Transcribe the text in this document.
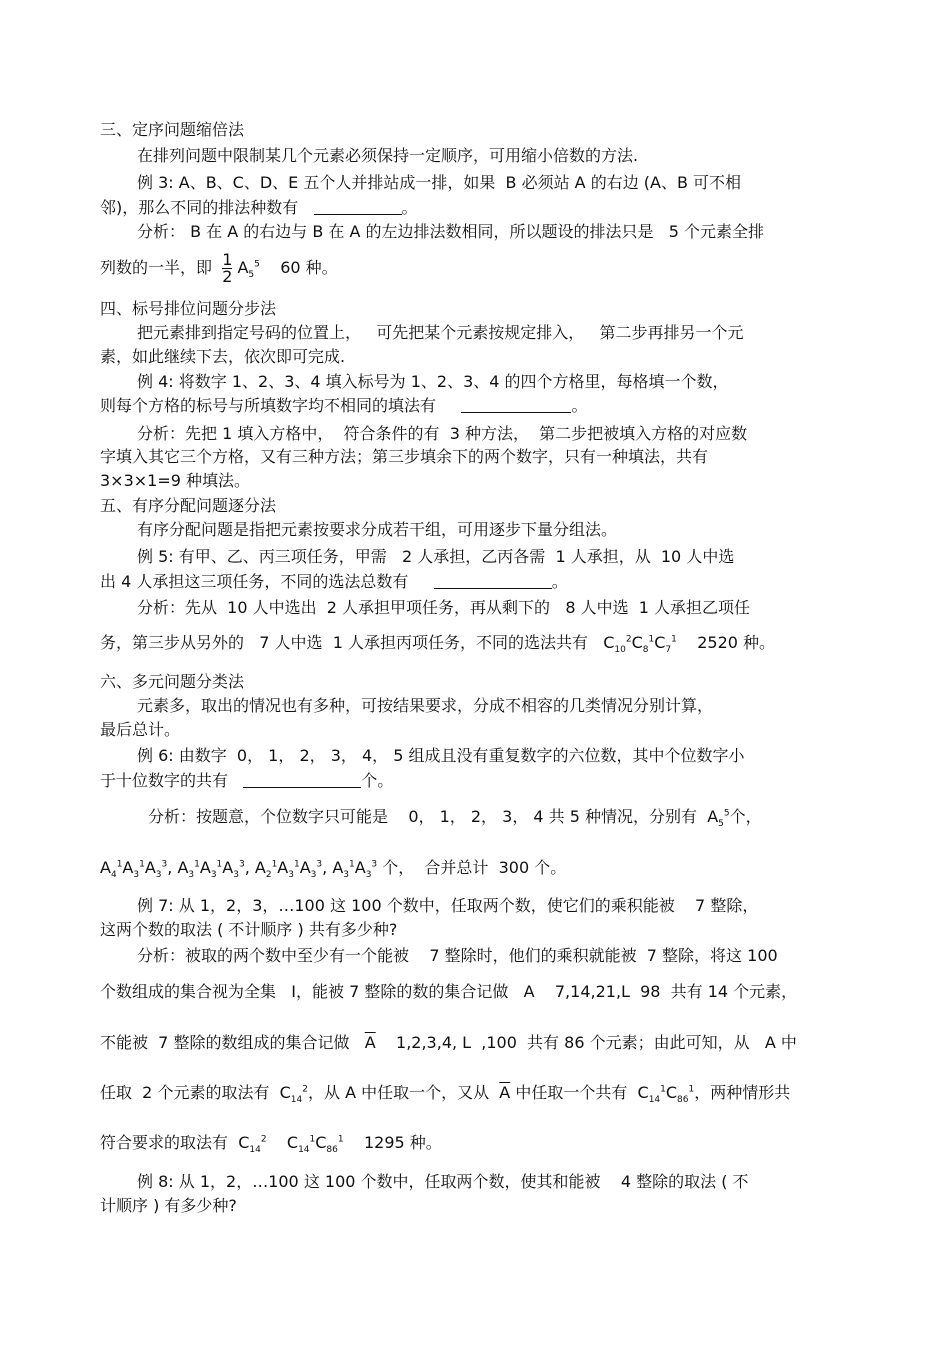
三、定序问题缩倍法
在排列问题中限制某几个元素必须保持一定顺序，可用缩小倍数的方法.
例 3: A、B、C、D、E 五个人并排站成一排，如果  B 必须站 A 的右边 (A、B 可不相
邻)，那么不同的排法种数有	。
分析： B 在 A 的右边与 B 在 A 的左边排法数相同，所以题设的排法只是   5 个元素全排
列数的一半，即 $\frac{1}{2} A_5^5$ 60 种。
四、标号排位问题分步法
把元素排到指定号码的位置上，   可先把某个元素按规定排入，   第二步再排另一个元
素，如此继续下去，依次即可完成.
例 4: 将数字 1、2、3、4 填入标号为 1、2、3、4 的四个方格里，每格填一个数，
则每个方格的标号与所填数字均不相同的填法有	。
分析：先把 1 填入方格中，  符合条件的有  3 种方法，  第二步把被填入方格的对应数
字填入其它三个方格，又有三种方法；第三步填余下的两个数字，只有一种填法，共有
3×3×1=9 种填法。
五、有序分配问题逐分法
有序分配问题是指把元素按要求分成若干组，可用逐步下量分组法。
例 5: 有甲、乙、丙三项任务，甲需   2 人承担，乙丙各需  1 人承担，从  10 人中选
出 4 人承担这三项任务，不同的选法总数有	。
分析：先从  10 人中选出  2 人承担甲项任务，再从剩下的   8 人中选  1 人承担乙项任
务，第三步从另外的   7 人中选  1 人承担丙项任务，不同的选法共有   $C_{10}^2C_8^1C_7^1$ 2520 种。
六、多元问题分类法
元素多，取出的情况也有多种，可按结果要求，分成不相容的几类情况分别计算，
最后总计。
例 6: 由数字  0， 1， 2， 3， 4， 5 组成且没有重复数字的六位数，其中个位数字小
于十位数字的共有	个。
分析：按题意，个位数字只可能是    0， 1， 2， 3， 4 共 5 种情况，分别有  $A_5^5$个，
$A_4^1A_3^1A_3^3$, $A_3^1A_3^1A_3^3$, $A_2^1A_3^1A_3^3$, $A_3^1A_3^3$ 个，  合并总计  300 个。
例 7: 从 1，2，3，…100 这 100 个数中，任取两个数，使它们的乘积能被    7 整除，
这两个数的取法 ( 不计顺序 ) 共有多少种?
分析：被取的两个数中至少有一个能被    7 整除时，他们的乘积就能被  7 整除，将这 100
个数组成的集合视为全集   I，能被 7 整除的数的集合记做   A    7,14,21,L  98  共有 14 个元素，
不能被  7 整除的数组成的集合记做 $\overline{A}$ 1,2,3,4, L  ,100  共有 86 个元素；由此可知，从   A 中
任取  2 个元素的取法有  $C_{14}^2$，从 A 中任取一个，又从 $\overline{A}$ 中任取一个共有  $C_{14}^1C_{86}^1$，两种情形共
符合要求的取法有  $C_{14}^2$    $C_{14}^1C_{86}^1$ 1295 种。
例 8: 从 1，2，…100 这 100 个数中，任取两个数，使其和能被    4 整除的取法 ( 不
计顺序 ) 有多少种?
